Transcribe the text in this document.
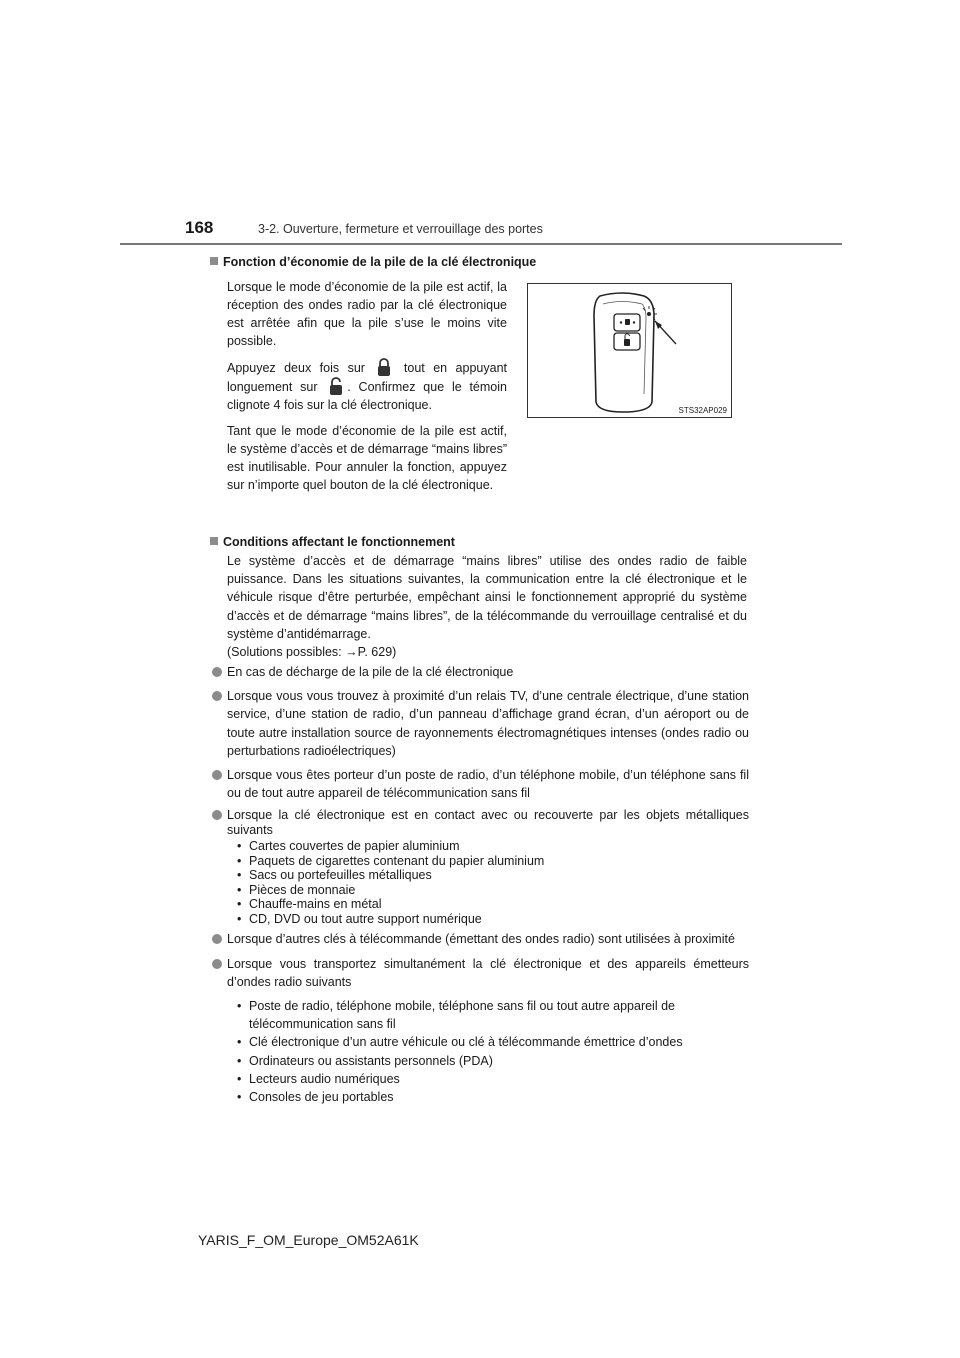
168	3-2. Ouverture, fermeture et verrouillage des portes
Fonction d’économie de la pile de la clé électronique

Lorsque le mode d’économie de la pile est actif, la réception des ondes radio par la clé électronique est arrêtée afin que la pile s’use le moins vite possible.

Appuyez deux fois sur	tout en appuyant longuement sur . Confirmez que le témoin clignote 4 fois sur la clé électronique.

Tant que le mode d’économie de la pile est actif, le système d’accès et de démarrage “mains libres” est inutilisable. Pour annuler la fonction, appuyez sur n’importe quel bouton de la clé électronique.

STS32AP029
Conditions affectant le fonctionnement
Le système d’accès et de démarrage “mains libres” utilise des ondes radio de faible puissance. Dans les situations suivantes, la communication entre la clé électronique et le véhicule risque d’être perturbée, empêchant ainsi le fonctionnement approprié du système d’accès et de démarrage “mains libres”, de la télécommande du verrouillage centralisé et du système d’antidémarrage.
(Solutions possibles: →P. 629)
En cas de décharge de la pile de la clé électronique
Lorsque vous vous trouvez à proximité d’un relais TV, d’une centrale électrique, d’une station service, d’une station de radio, d’un panneau d’affichage grand écran, d’un aéroport ou de toute autre installation source de rayonnements électromagnétiques intenses (ondes radio ou perturbations radioélectriques)
Lorsque vous êtes porteur d’un poste de radio, d’un téléphone mobile, d’un téléphone sans fil ou de tout autre appareil de télécommunication sans fil
Lorsque la clé électronique est en contact avec ou recouverte par les objets métalliques suivants
• Cartes couvertes de papier aluminium
• Paquets de cigarettes contenant du papier aluminium
• Sacs ou portefeuilles métalliques
• Pièces de monnaie
• Chauffe-mains en métal
• CD, DVD ou tout autre support numérique
Lorsque d’autres clés à télécommande (émettant des ondes radio) sont utilisées à proximité
Lorsque vous transportez simultanément la clé électronique et des appareils émetteurs d’ondes radio suivants
• Poste de radio, téléphone mobile, téléphone sans fil ou tout autre appareil de télécommunication sans fil
• Clé électronique d’un autre véhicule ou clé à télécommande émettrice d’ondes
• Ordinateurs ou assistants personnels (PDA)
• Lecteurs audio numériques
• Consoles de jeu portables
YARIS_F_OM_Europe_OM52A61K
